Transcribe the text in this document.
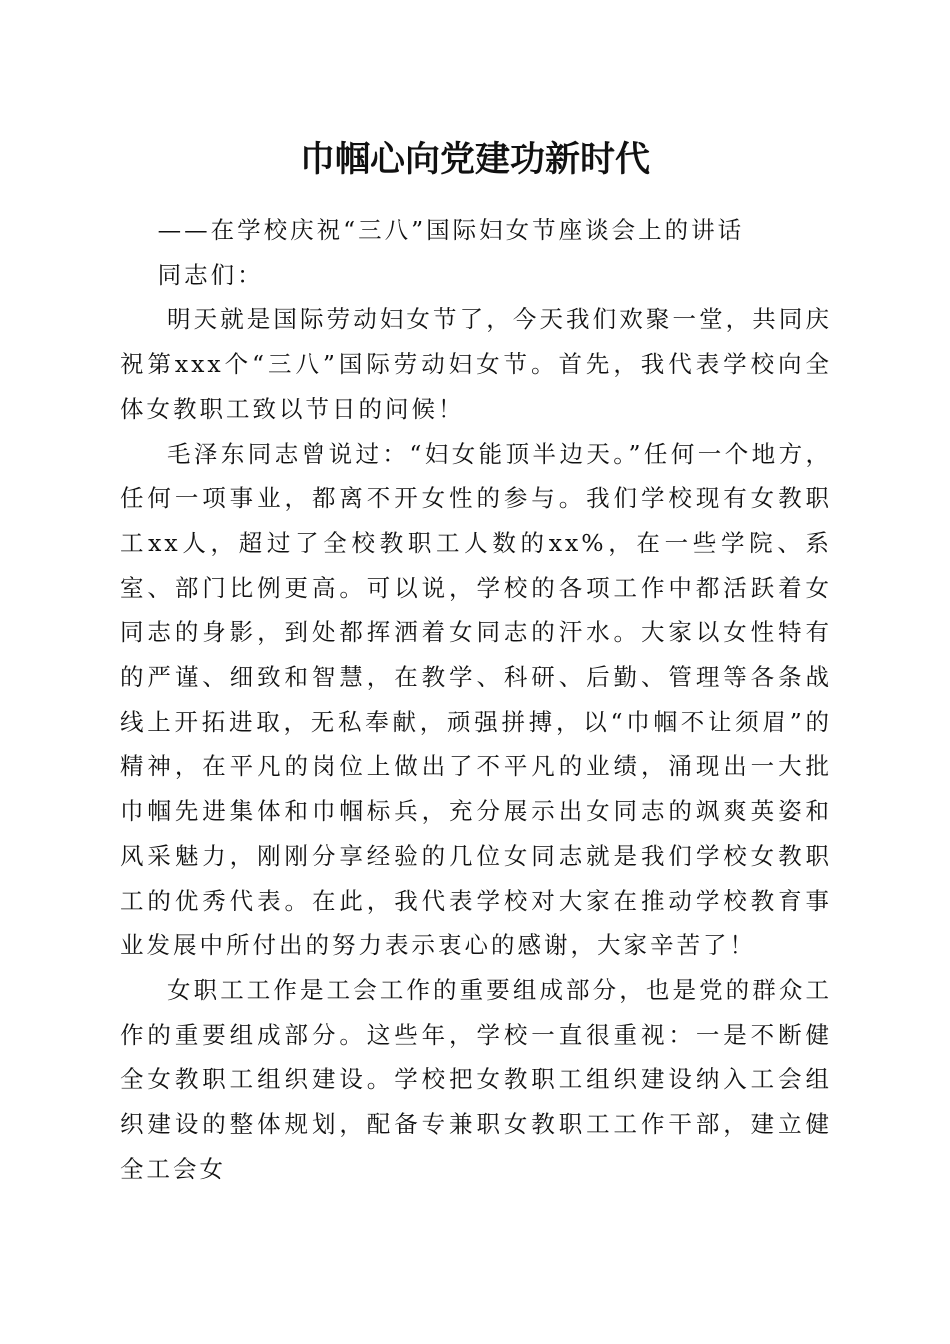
巾帼心向党建功新时代

——在学校庆祝“三八”国际妇女节座谈会上的讲话

同志们：

明天就是国际劳动妇女节了，今天我们欢聚一堂，共同庆祝第xxx个“三八”国际劳动妇女节。首先，我代表学校向全体女教职工致以节日的问候！

毛泽东同志曾说过：“妇女能顶半边天。”任何一个地方，任何一项事业，都离不开女性的参与。我们学校现有女教职工xx人，超过了全校教职工人数的xx%，在一些学院、系室、部门比例更高。可以说，学校的各项工作中都活跃着女同志的身影，到处都挥洒着女同志的汗水。大家以女性特有的严谨、细致和智慧，在教学、科研、后勤、管理等各条战线上开拓进取，无私奉献，顽强拼搏，以“巾帼不让须眉”的精神，在平凡的岗位上做出了不平凡的业绩，涌现出一大批巾帼先进集体和巾帼标兵，充分展示出女同志的飒爽英姿和风采魅力，刚刚分享经验的几位女同志就是我们学校女教职工的优秀代表。在此，我代表学校对大家在推动学校教育事业发展中所付出的努力表示衷心的感谢，大家辛苦了！

女职工工作是工会工作的重要组成部分，也是党的群众工作的重要组成部分。这些年，学校一直很重视：一是不断健全女教职工组织建设。学校把女教职工组织建设纳入工会组织建设的整体规划，配备专兼职女教职工工作干部，建立健全工会女
